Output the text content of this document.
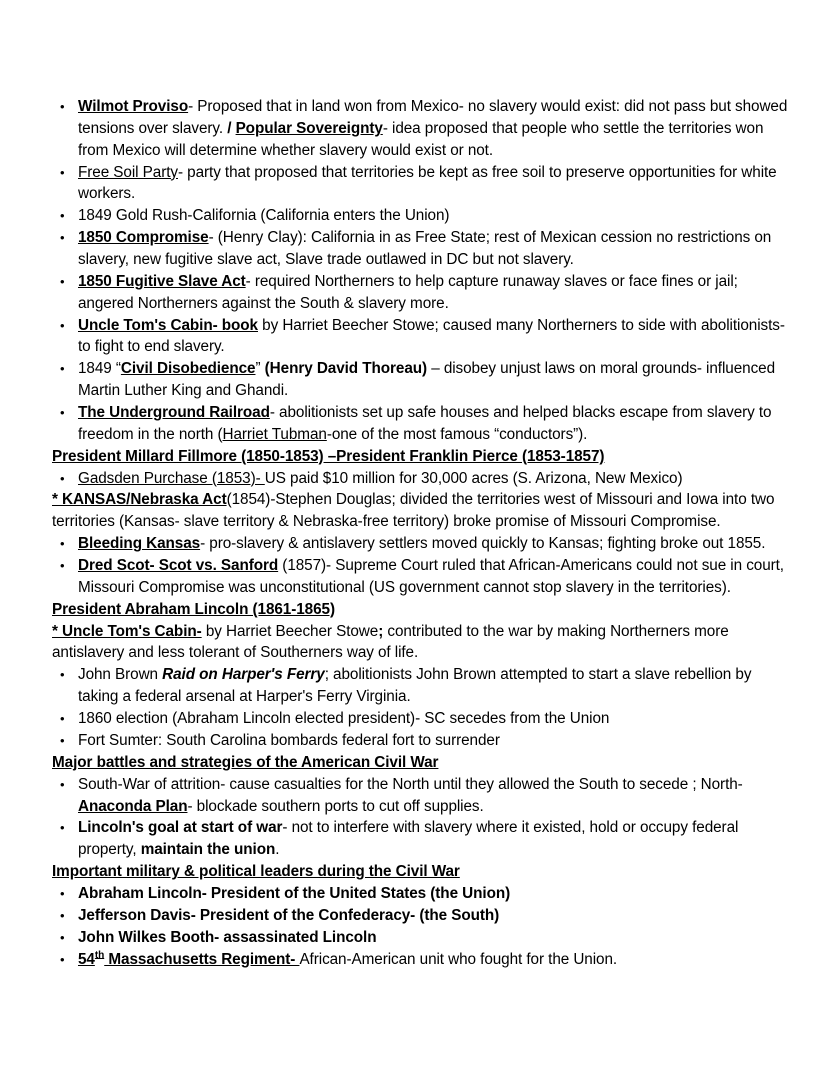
• Wilmot Proviso- Proposed that in land won from Mexico- no slavery would exist: did not pass but showed tensions over slavery. / Popular Sovereignty- idea proposed that people who settle the territories won from Mexico will determine whether slavery would exist or not.
• Free Soil Party- party that proposed that territories be kept as free soil to preserve opportunities for white workers.
• 1849 Gold Rush-California (California enters the Union)
• 1850 Compromise- (Henry Clay): California in as Free State; rest of Mexican cession no restrictions on slavery, new fugitive slave act, Slave trade outlawed in DC but not slavery.
• 1850 Fugitive Slave Act- required Northerners to help capture runaway slaves or face fines or jail; angered Northerners against the South & slavery more.
• Uncle Tom's Cabin- book by Harriet Beecher Stowe; caused many Northerners to side with abolitionists- to fight to end slavery.
• 1849 “Civil Disobedience” (Henry David Thoreau) – disobey unjust laws on moral grounds- influenced Martin Luther King and Ghandi.
• The Underground Railroad- abolitionists set up safe houses and helped blacks escape from slavery to freedom in the north (Harriet Tubman-one of the most famous “conductors”).
President Millard Fillmore (1850-1853) –President Franklin Pierce (1853-1857)
• Gadsden Purchase (1853)- US paid $10 million for 30,000 acres (S. Arizona, New Mexico)
* KANSAS/Nebraska Act(1854)-Stephen Douglas; divided the territories west of Missouri and Iowa into two territories (Kansas- slave territory & Nebraska-free territory) broke promise of Missouri Compromise.
• Bleeding Kansas- pro-slavery & antislavery settlers moved quickly to Kansas; fighting broke out 1855.
• Dred Scot- Scot vs. Sanford (1857)- Supreme Court ruled that African-Americans could not sue in court, Missouri Compromise was unconstitutional (US government cannot stop slavery in the territories).
President Abraham Lincoln (1861-1865)
* Uncle Tom's Cabin- by Harriet Beecher Stowe; contributed to the war by making Northerners more antislavery and less tolerant of Southerners way of life.
• John Brown Raid on Harper's Ferry; abolitionists John Brown attempted to start a slave rebellion by taking a federal arsenal at Harper's Ferry Virginia.
• 1860 election (Abraham Lincoln elected president)- SC secedes from the Union
• Fort Sumter: South Carolina bombards federal fort to surrender
Major battles and strategies of the American Civil War
• South-War of attrition- cause casualties for the North until they allowed the South to secede ; North-Anaconda Plan- blockade southern ports to cut off supplies.
• Lincoln's goal at start of war- not to interfere with slavery where it existed, hold or occupy federal property, maintain the union.
Important military & political leaders during the Civil War
• Abraham Lincoln- President of the United States (the Union)
• Jefferson Davis- President of the Confederacy- (the South)
• John Wilkes Booth- assassinated Lincoln
• 54th Massachusetts Regiment- African-American unit who fought for the Union.
